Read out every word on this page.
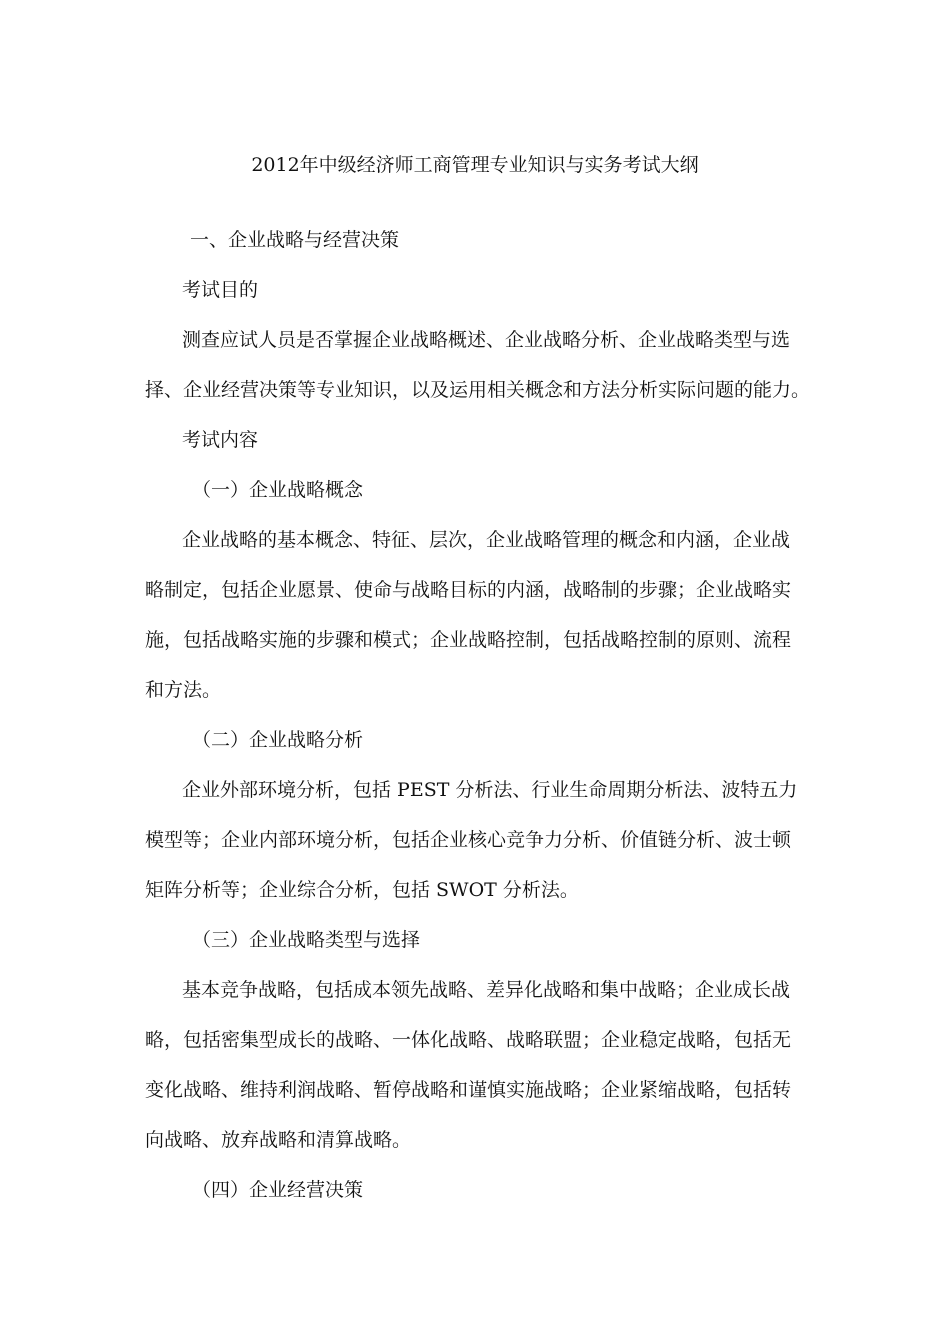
2012年中级经济师工商管理专业知识与实务考试大纲
一、企业战略与经营决策
考试目的
测查应试人员是否掌握企业战略概述、企业战略分析、企业战略类型与选
择、企业经营决策等专业知识，以及运用相关概念和方法分析实际问题的能力。
考试内容
（一）企业战略概念
企业战略的基本概念、特征、层次，企业战略管理的概念和内涵，企业战
略制定，包括企业愿景、使命与战略目标的内涵，战略制的步骤；企业战略实
施，包括战略实施的步骤和模式；企业战略控制，包括战略控制的原则、流程
和方法。
（二）企业战略分析
企业外部环境分析，包括 PEST 分析法、行业生命周期分析法、波特五力
模型等；企业内部环境分析，包括企业核心竞争力分析、价值链分析、波士顿
矩阵分析等；企业综合分析，包括 SWOT 分析法。
（三）企业战略类型与选择
基本竞争战略，包括成本领先战略、差异化战略和集中战略；企业成长战
略，包括密集型成长的战略、一体化战略、战略联盟；企业稳定战略，包括无
变化战略、维持利润战略、暂停战略和谨慎实施战略；企业紧缩战略，包括转
向战略、放弃战略和清算战略。
（四）企业经营决策
